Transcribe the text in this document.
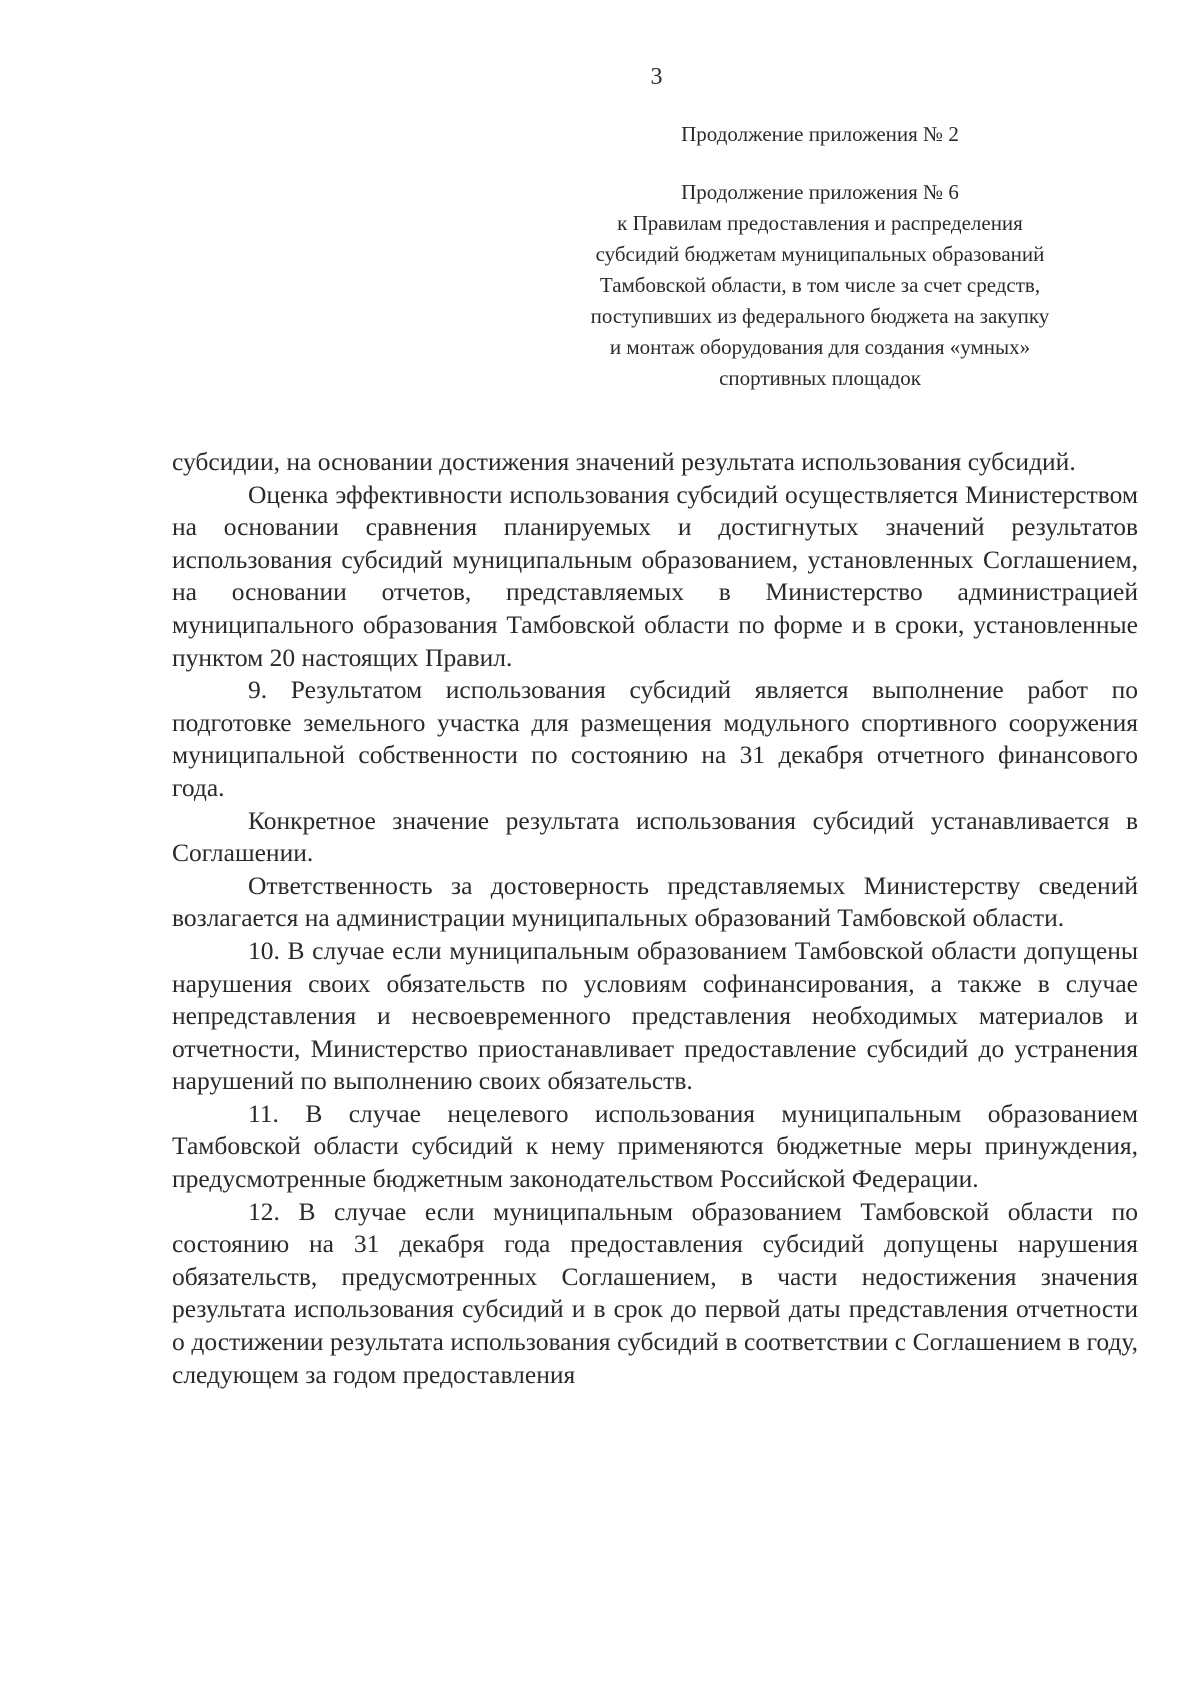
3
Продолжение приложения № 2
Продолжение приложения № 6
к Правилам предоставления и распределения
субсидий бюджетам муниципальных образований
Тамбовской области, в том числе за счет средств,
поступивших из федерального бюджета на закупку
и монтаж оборудования для создания «умных»
спортивных площадок

субсидии, на основании достижения значений результата использования субсидий.

Оценка эффективности использования субсидий осуществляется Министерством на основании сравнения планируемых и достигнутых значений результатов использования субсидий муниципальным образованием, установленных Соглашением, на основании отчетов, представляемых в Министерство администрацией муниципального образования Тамбовской области по форме и в сроки, установленные пунктом 20 настоящих Правил.

9. Результатом использования субсидий является выполнение работ по подготовке земельного участка для размещения модульного спортивного сооружения муниципальной собственности по состоянию на 31 декабря отчетного финансового года.

Конкретное значение результата использования субсидий устанавливается в Соглашении.

Ответственность за достоверность представляемых Министерству сведений возлагается на администрации муниципальных образований Тамбовской области.

10. В случае если муниципальным образованием Тамбовской области допущены нарушения своих обязательств по условиям софинансирования, а также в случае непредставления и несвоевременного представления необходимых материалов и отчетности, Министерство приостанавливает предоставление субсидий до устранения нарушений по выполнению своих обязательств.

11. В случае нецелевого использования муниципальным образованием Тамбовской области субсидий к нему применяются бюджетные меры принуждения, предусмотренные бюджетным законодательством Российской Федерации.

12. В случае если муниципальным образованием Тамбовской области по состоянию на 31 декабря года предоставления субсидий допущены нарушения обязательств, предусмотренных Соглашением, в части недостижения значения результата использования субсидий и в срок до первой даты представления отчетности о достижении результата использования субсидий в соответствии с Соглашением в году, следующем за годом предоставления
